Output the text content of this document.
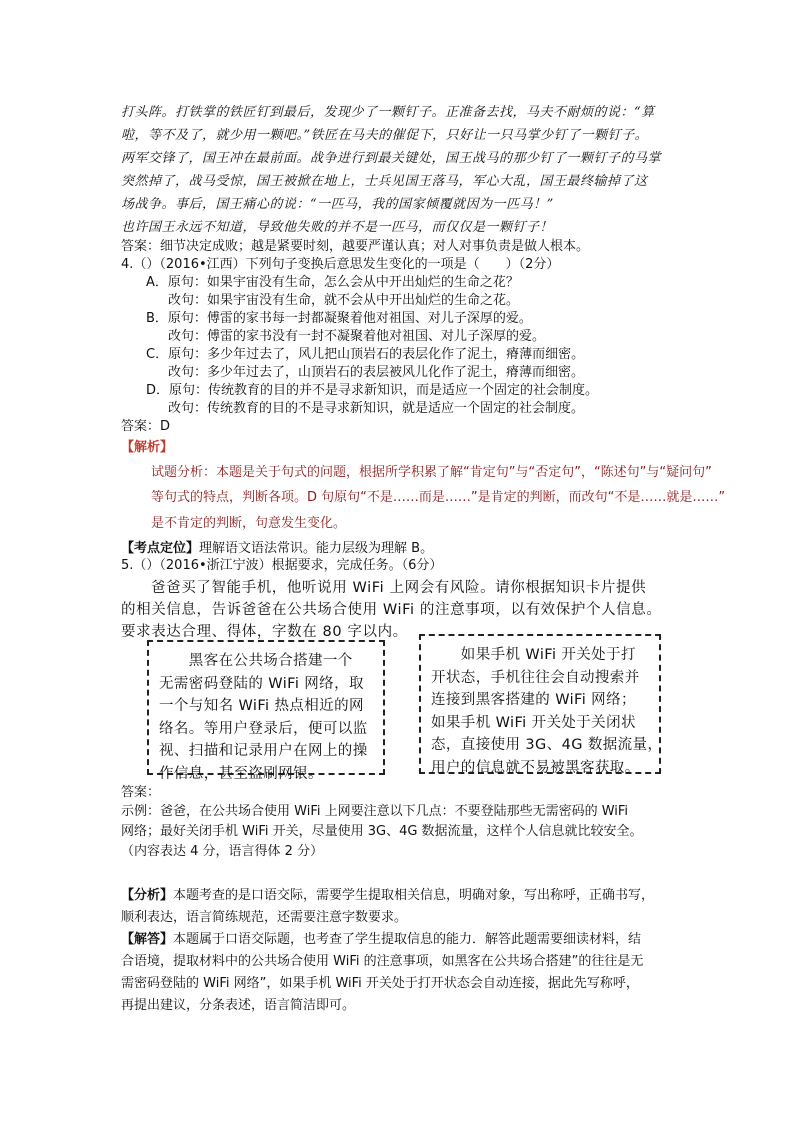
打头阵。打铁掌的铁匠钉到最后，发现少了一颗钉子。正准备去找，马夫不耐烦的说：“算
啦，等不及了，就少用一颗吧。”铁匠在马夫的催促下，只好让一只马掌少钉了一颗钉子。
两军交锋了，国王冲在最前面。战争进行到最关键处，国王战马的那少钉了一颗钉子的马掌
突然掉了，战马受惊，国王被掀在地上，士兵见国王落马，军心大乱，国王最终输掉了这
场战争。事后，国王痛心的说：“一匹马，我的国家倾覆就因为一匹马！”
也许国王永远不知道，导致他失败的并不是一匹马，而仅仅是一颗钉子！
答案：细节决定成败；越是紧要时刻，越要严谨认真；对人对事负责是做人根本。
4.（）（2016•江西）下列句子变换后意思发生变化的一项是（　　）（2分）
A．原句：如果宇宙没有生命，怎么会从中开出灿烂的生命之花？
改句：如果宇宙没有生命，就不会从中开出灿烂的生命之花。
B．原句：傅雷的家书每一封都凝聚着他对祖国、对儿子深厚的爱。
改句：傅雷的家书没有一封不凝聚着他对祖国、对儿子深厚的爱。
C．原句：多少年过去了，风儿把山顶岩石的表层化作了泥土，瘠薄而细密。
改句：多少年过去了，山顶岩石的表层被风儿化作了泥土，瘠薄而细密。
D．原句：传统教育的目的并不是寻求新知识，而是适应一个固定的社会制度。
改句：传统教育的目的不是寻求新知识，就是适应一个固定的社会制度。
答案：D
【解析】
试题分析：本题是关于句式的问题，根据所学积累了解“肯定句”与“否定句”，“陈述句”与“疑问句”
等句式的特点，判断各项。D 句原句“不是……而是……”是肯定的判断，而改句“不是……就是……”
是不肯定的判断，句意发生变化。
【考点定位】理解语文语法常识。能力层级为理解 B。
5.（）（2016•浙江宁波）根据要求，完成任务。（6分）
爸爸买了智能手机，他听说用 WiFi 上网会有风险。请你根据知识卡片提供
的相关信息，告诉爸爸在公共场合使用 WiFi 的注意事项，以有效保护个人信息。
要求表达合理、得体，字数在 80 字以内。
　　黑客在公共场合搭建一个
无需密码登陆的 WiFi 网络，取
一个与知名 WiFi 热点相近的网
络名。等用户登录后，便可以监
视、扫描和记录用户在网上的操
作信息，甚至盗刷网银。
　　如果手机 WiFi 开关处于打
开状态，手机往往会自动搜索并
连接到黑客搭建的 WiFi 网络；
如果手机 WiFi 开关处于关闭状
态，直接使用 3G、4G 数据流量，
用户的信息就不易被黑客获取。
答案：
示例：爸爸，在公共场合使用 WiFi 上网要注意以下几点：不要登陆那些无需密码的 WiFi
网络；最好关闭手机 WiFi 开关，尽量使用 3G、4G 数据流量，这样个人信息就比较安全。
（内容表达 4 分，语言得体 2 分）
【分析】本题考查的是口语交际，需要学生提取相关信息，明确对象，写出称呼，正确书写，
顺利表达，语言简练规范，还需要注意字数要求。
【解答】本题属于口语交际题，也考查了学生提取信息的能力．解答此题需要细读材料，结
合语境，提取材料中的公共场合使用 WiFi 的注意事项，如黑客在公共场合搭建”的往往是无
需密码登陆的 WiFi 网络”，如果手机 WiFi 开关处于打开状态会自动连接，据此先写称呼，
再提出建议，分条表述，语言简洁即可。
